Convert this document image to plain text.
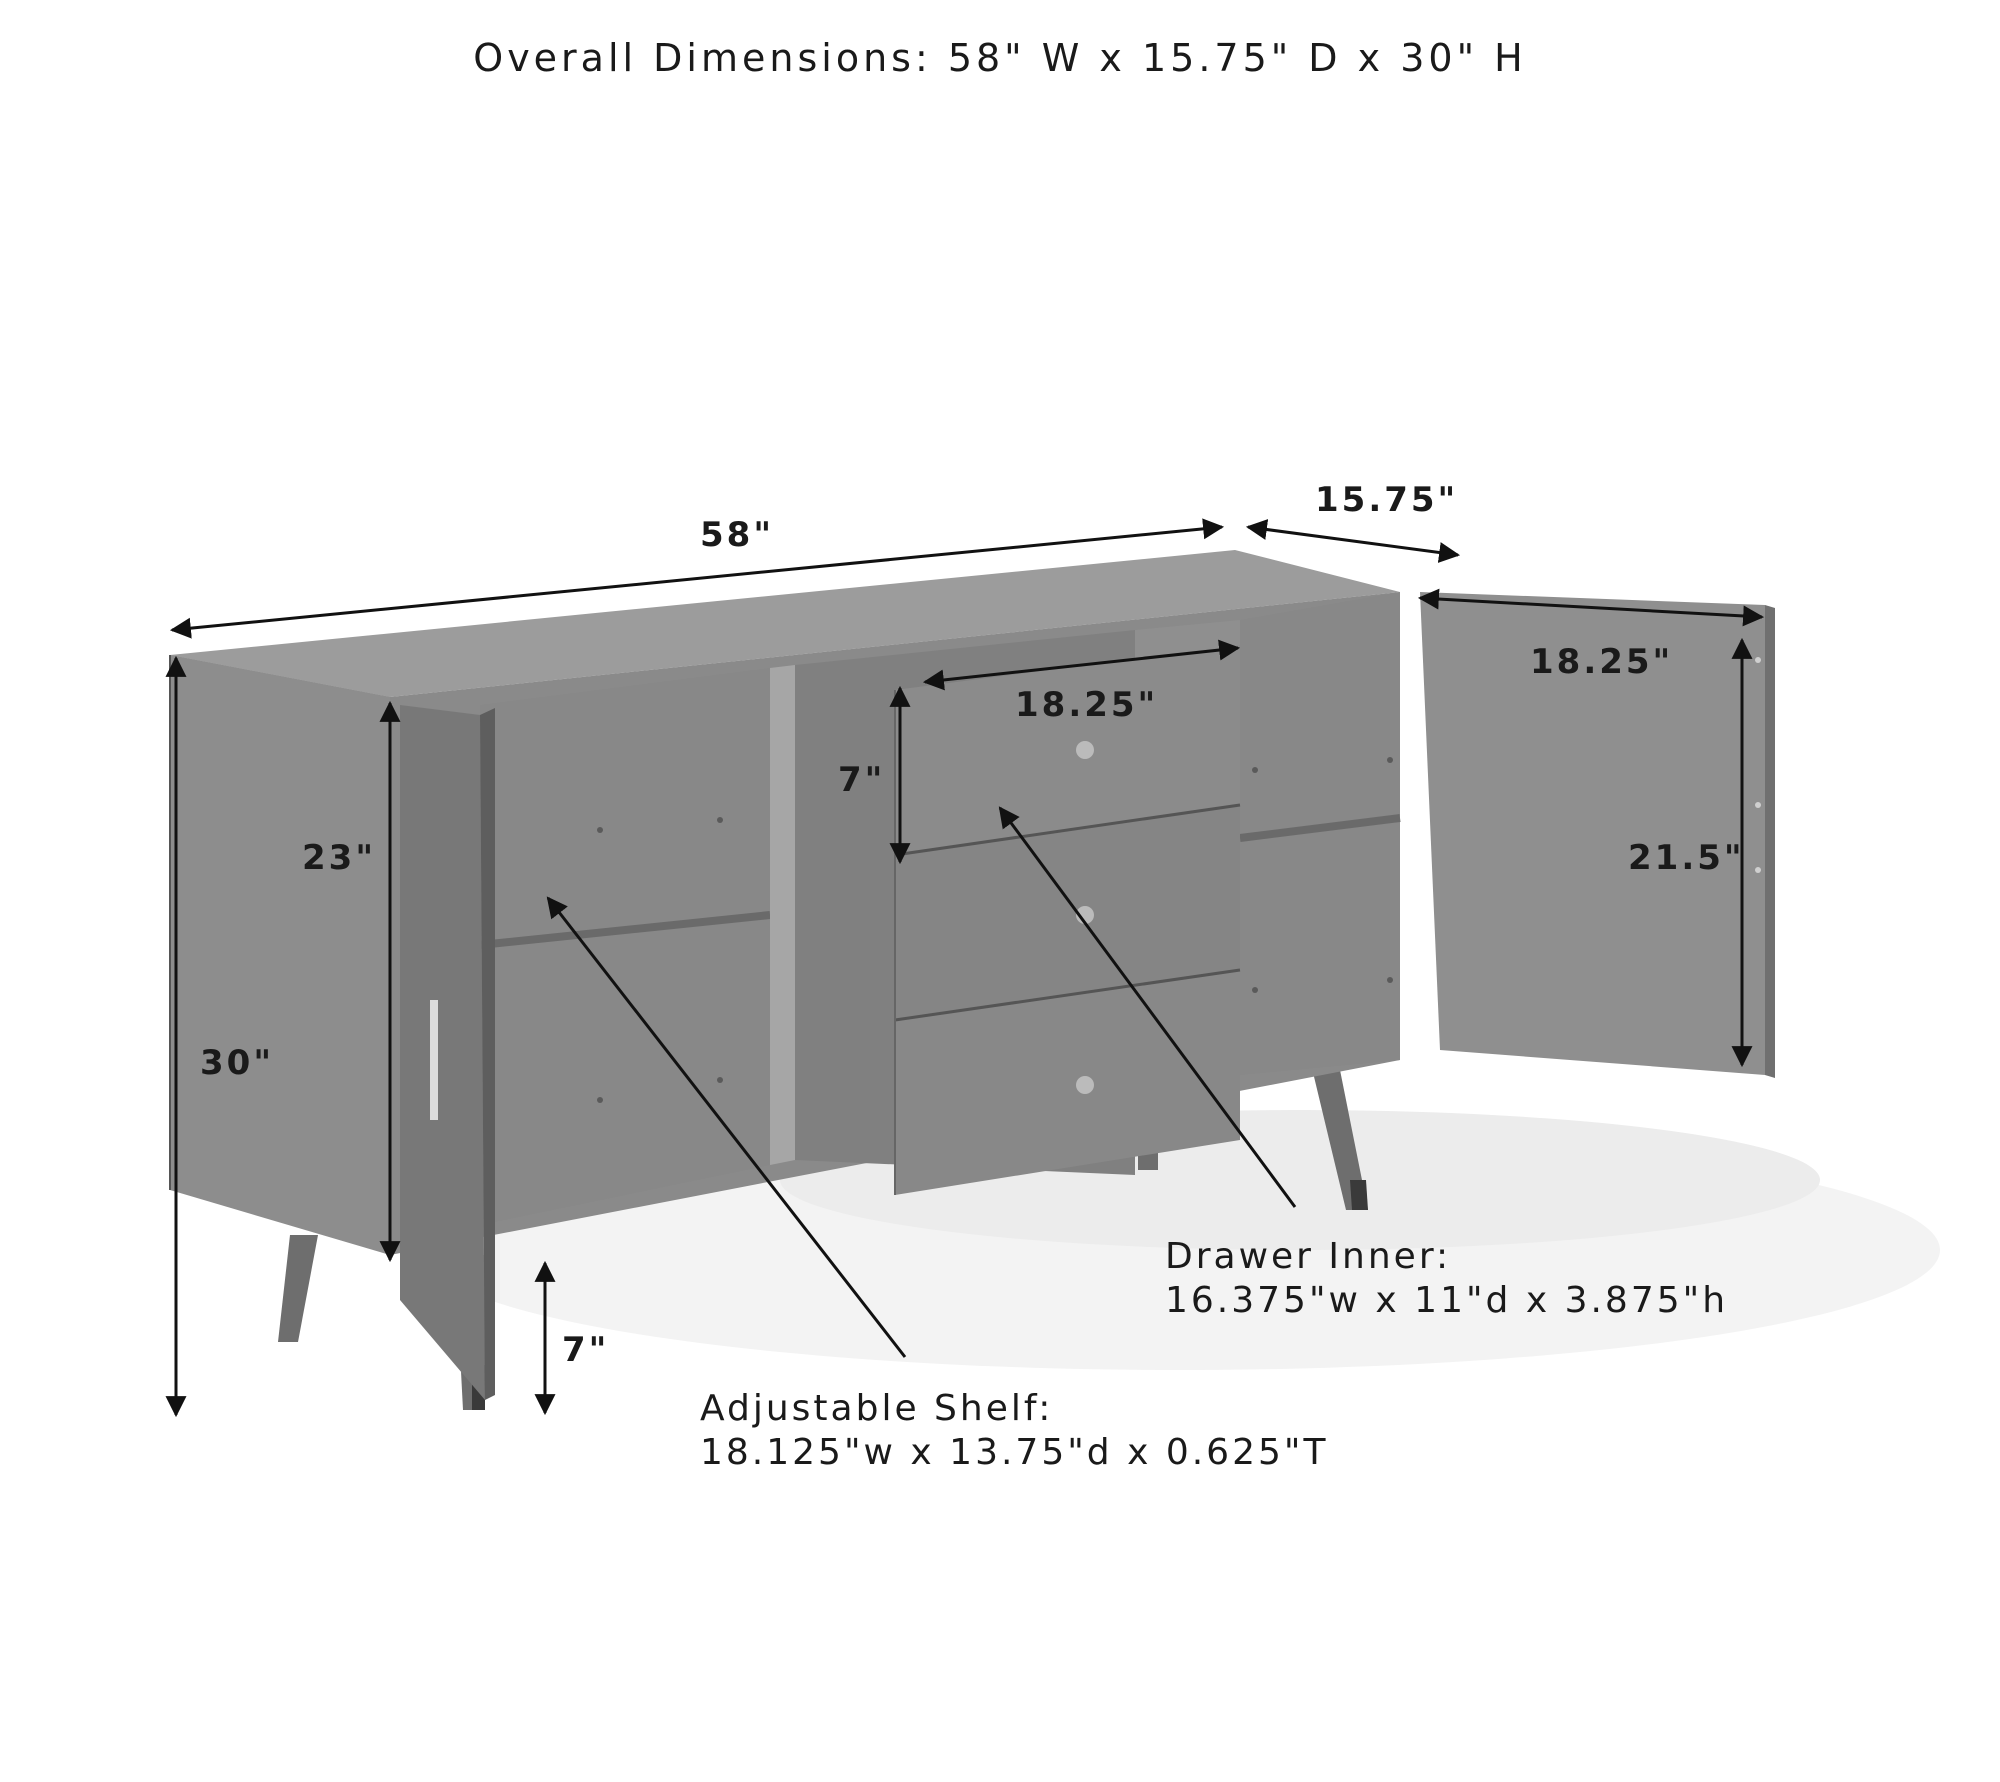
Overall Dimensions: 58" W x 15.75" D x 30" H
58"
15.75"
18.25"
18.25"
7"
21.5"
23"
30"
7"
Drawer Inner:
16.375"w x 11"d x 3.875"h
Adjustable Shelf:
18.125"w x 13.75"d x 0.625"T
